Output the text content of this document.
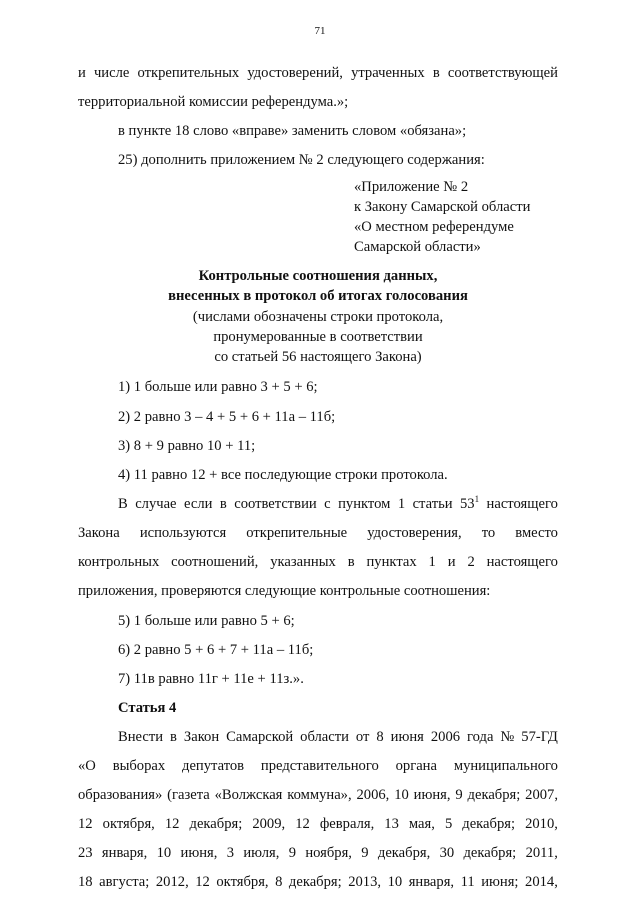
71
и числе открепительных удостоверений, утраченных в соответствующей
территориальной комиссии референдума.»;
в пункте 18 слово «вправе» заменить словом «обязана»;
25) дополнить приложением № 2 следующего содержания:
«Приложение № 2
к Закону Самарской области
«О местном референдуме
Самарской области»
Контрольные соотношения данных,
внесенных в протокол об итогах голосования
(числами обозначены строки протокола,
пронумерованные в соответствии
со статьей 56 настоящего Закона)
1) 1 больше или равно 3 + 5 + 6;
2) 2 равно 3 – 4 + 5 + 6 + 11а – 11б;
3) 8 + 9 равно 10 + 11;
4) 11 равно 12 + все последующие строки протокола.
В случае если в соответствии с пунктом 1 статьи $53^1$ настоящего
Закона используются открепительные удостоверения, то вместо
контрольных соотношений, указанных в пунктах 1 и 2 настоящего
приложения, проверяются следующие контрольные соотношения:
5) 1 больше или равно 5 + 6;
6) 2 равно 5 + 6 + 7 + 11а – 11б;
7) 11в равно 11г + 11е + 11з.».
Статья 4
Внести в Закон Самарской области от 8 июня 2006 года № 57-ГД
«О выборах депутатов представительного органа муниципального
образования» (газета «Волжская коммуна», 2006, 10 июня, 9 декабря; 2007,
12 октября, 12 декабря; 2009, 12 февраля, 13 мая, 5 декабря; 2010,
23 января, 10 июня, 3 июля, 9 ноября, 9 декабря, 30 декабря; 2011,
18 августа; 2012, 12 октября, 8 декабря; 2013, 10 января, 11 июня; 2014,
